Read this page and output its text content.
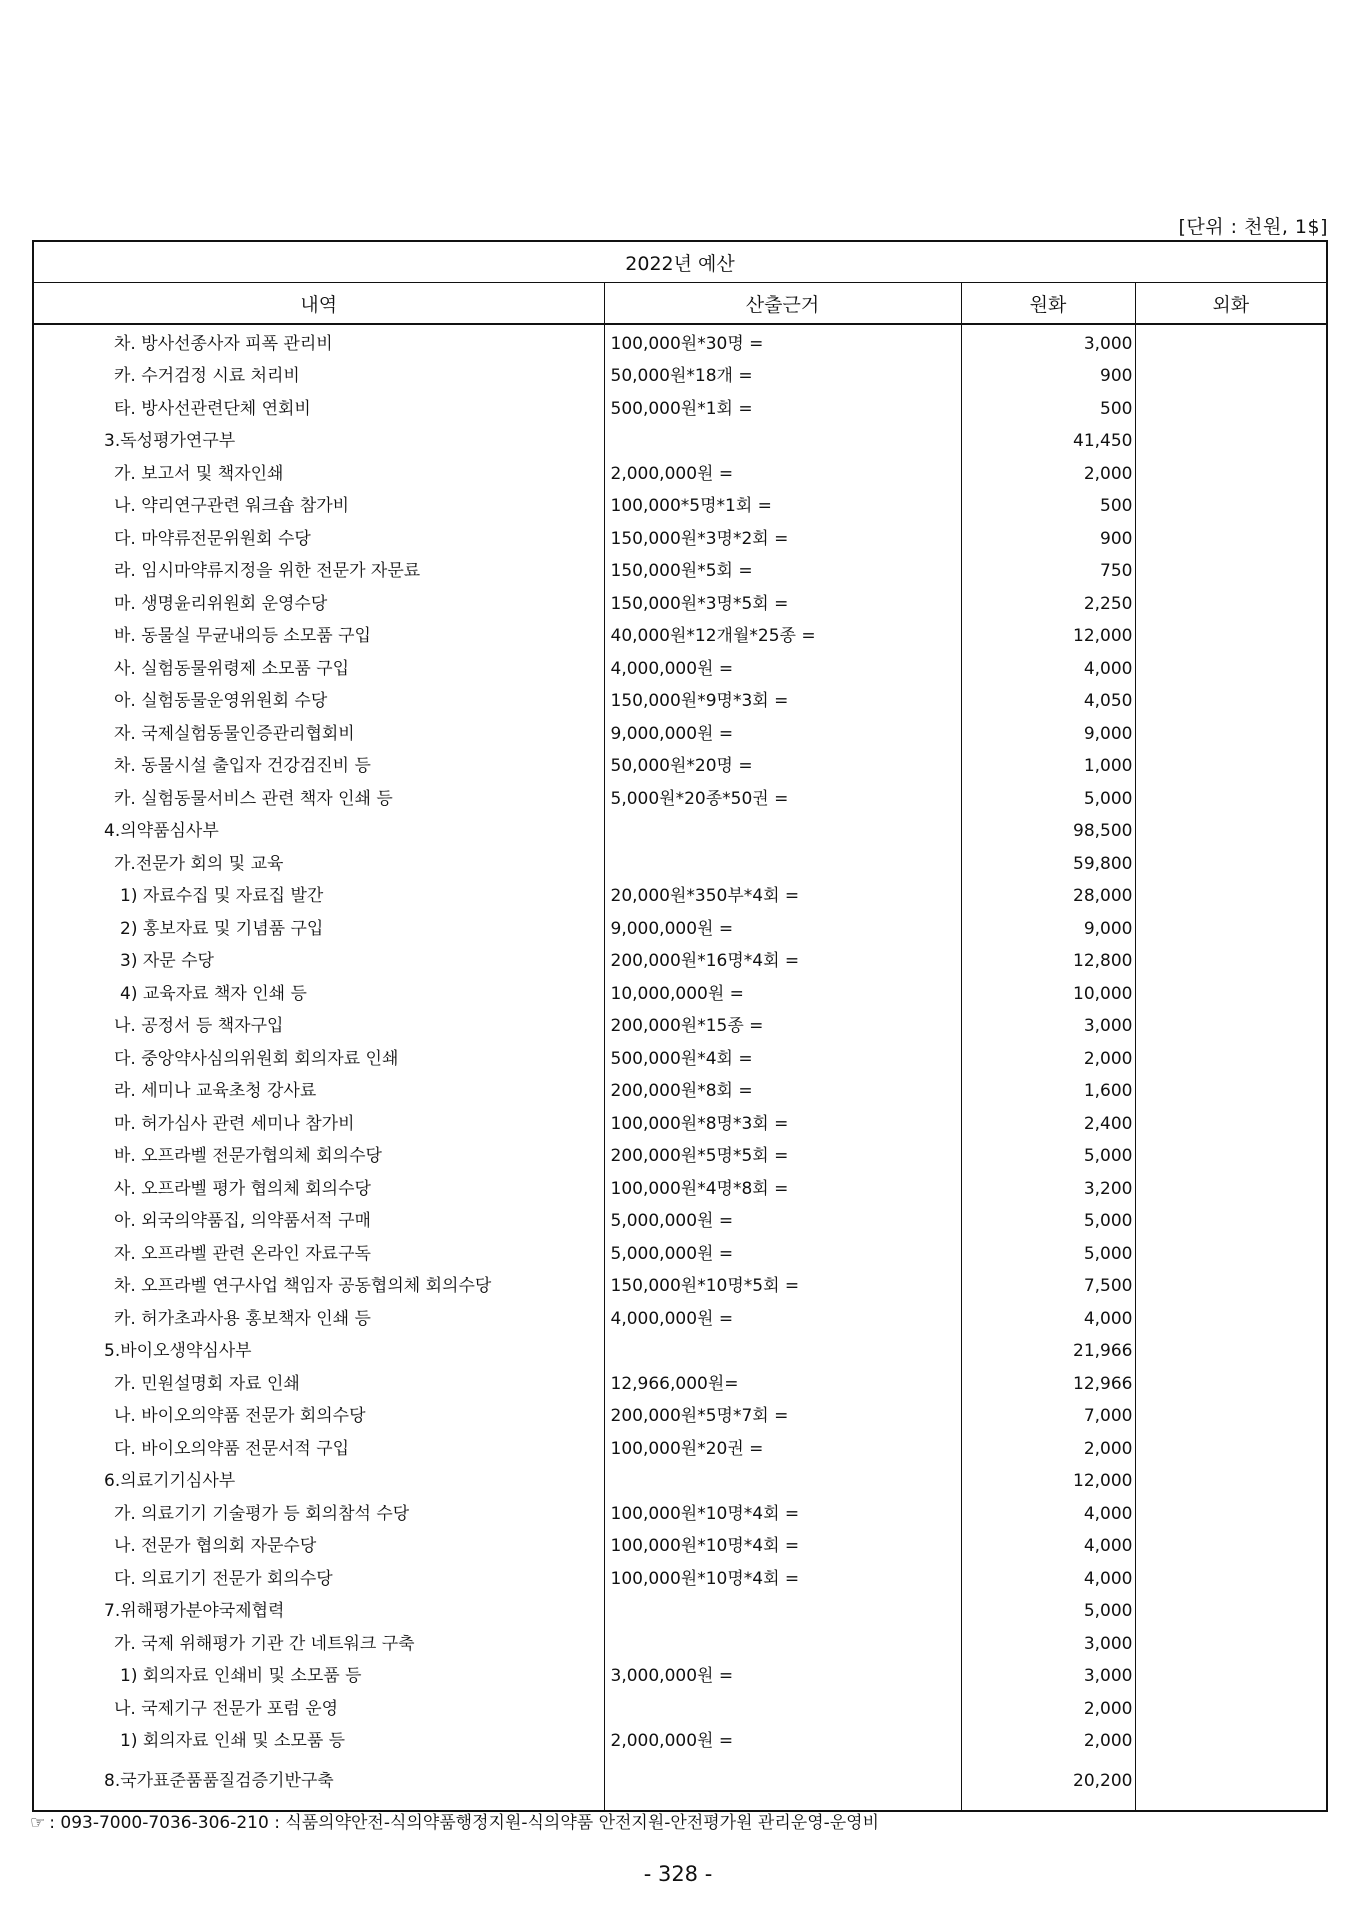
[단위 : 천원, 1$]
2022년 예산			
내역	산출근거	원화	외화
차. 방사선종사자 피폭 관리비	100,000원*30명 =	3,000	
카. 수거검정 시료 처리비	50,000원*18개 =	900	
타. 방사선관련단체 연회비	500,000원*1회 =	500	
3.독성평가연구부		41,450	
가. 보고서 및 책자인쇄	2,000,000원 =	2,000	
나. 약리연구관련 워크숍 참가비	100,000*5명*1회 =	500	
다. 마약류전문위원회 수당	150,000원*3명*2회 =	900	
라. 임시마약류지정을 위한 전문가 자문료	150,000원*5회 =	750	
마. 생명윤리위원회 운영수당	150,000원*3명*5회 =	2,250	
바. 동물실 무균내의등 소모품 구입	40,000원*12개월*25종 =	12,000	
사. 실험동물위령제 소모품 구입	4,000,000원 =	4,000	
아. 실험동물운영위원회 수당	150,000원*9명*3회 =	4,050	
자. 국제실험동물인증관리협회비	9,000,000원 =	9,000	
차. 동물시설 출입자 건강검진비 등	50,000원*20명 =	1,000	
카. 실험동물서비스 관련 책자 인쇄 등	5,000원*20종*50권 =	5,000	
4.의약품심사부		98,500	
가.전문가 회의 및 교육		59,800	
1) 자료수집 및 자료집 발간	20,000원*350부*4회 =	28,000	
2) 홍보자료 및 기념품 구입	9,000,000원 =	9,000	
3) 자문 수당	200,000원*16명*4회 =	12,800	
4) 교육자료 책자 인쇄 등	10,000,000원 =	10,000	
나. 공정서 등 책자구입	200,000원*15종 =	3,000	
다. 중앙약사심의위원회 회의자료 인쇄	500,000원*4회 =	2,000	
라. 세미나 교육초청 강사료	200,000원*8회 =	1,600	
마. 허가심사 관련 세미나 참가비	100,000원*8명*3회 =	2,400	
바. 오프라벨 전문가협의체 회의수당	200,000원*5명*5회 =	5,000	
사. 오프라벨 평가 협의체 회의수당	100,000원*4명*8회 =	3,200	
아. 외국의약품집, 의약품서적 구매	5,000,000원 =	5,000	
자. 오프라벨 관련 온라인 자료구독	5,000,000원 =	5,000	
차. 오프라벨 연구사업 책임자 공동협의체 회의수당	150,000원*10명*5회 =	7,500	
카. 허가초과사용 홍보책자 인쇄 등	4,000,000원 =	4,000	
5.바이오생약심사부		21,966	
가. 민원설명회 자료 인쇄	12,966,000원=	12,966	
나. 바이오의약품 전문가 회의수당	200,000원*5명*7회 =	7,000	
다. 바이오의약품 전문서적 구입	100,000원*20권 =	2,000	
6.의료기기심사부		12,000	
가. 의료기기 기술평가 등 회의참석 수당	100,000원*10명*4회 =	4,000	
나. 전문가 협의회 자문수당	100,000원*10명*4회 =	4,000	
다. 의료기기 전문가 회의수당	100,000원*10명*4회 =	4,000	
7.위해평가분야국제협력		5,000	
가. 국제 위해평가 기관 간 네트워크 구축		3,000	
1) 회의자료 인쇄비 및 소모품 등	3,000,000원 =	3,000	
나. 국제기구 전문가 포럼 운영		2,000	
1) 회의자료 인쇄 및 소모품 등	2,000,000원 =	2,000	
8.국가표준품품질검증기반구축		20,200	
☞ : 093-7000-7036-306-210 : 식품의약안전-식의약품행정지원-식의약품 안전지원-안전평가원 관리운영-운영비
- 328 -
